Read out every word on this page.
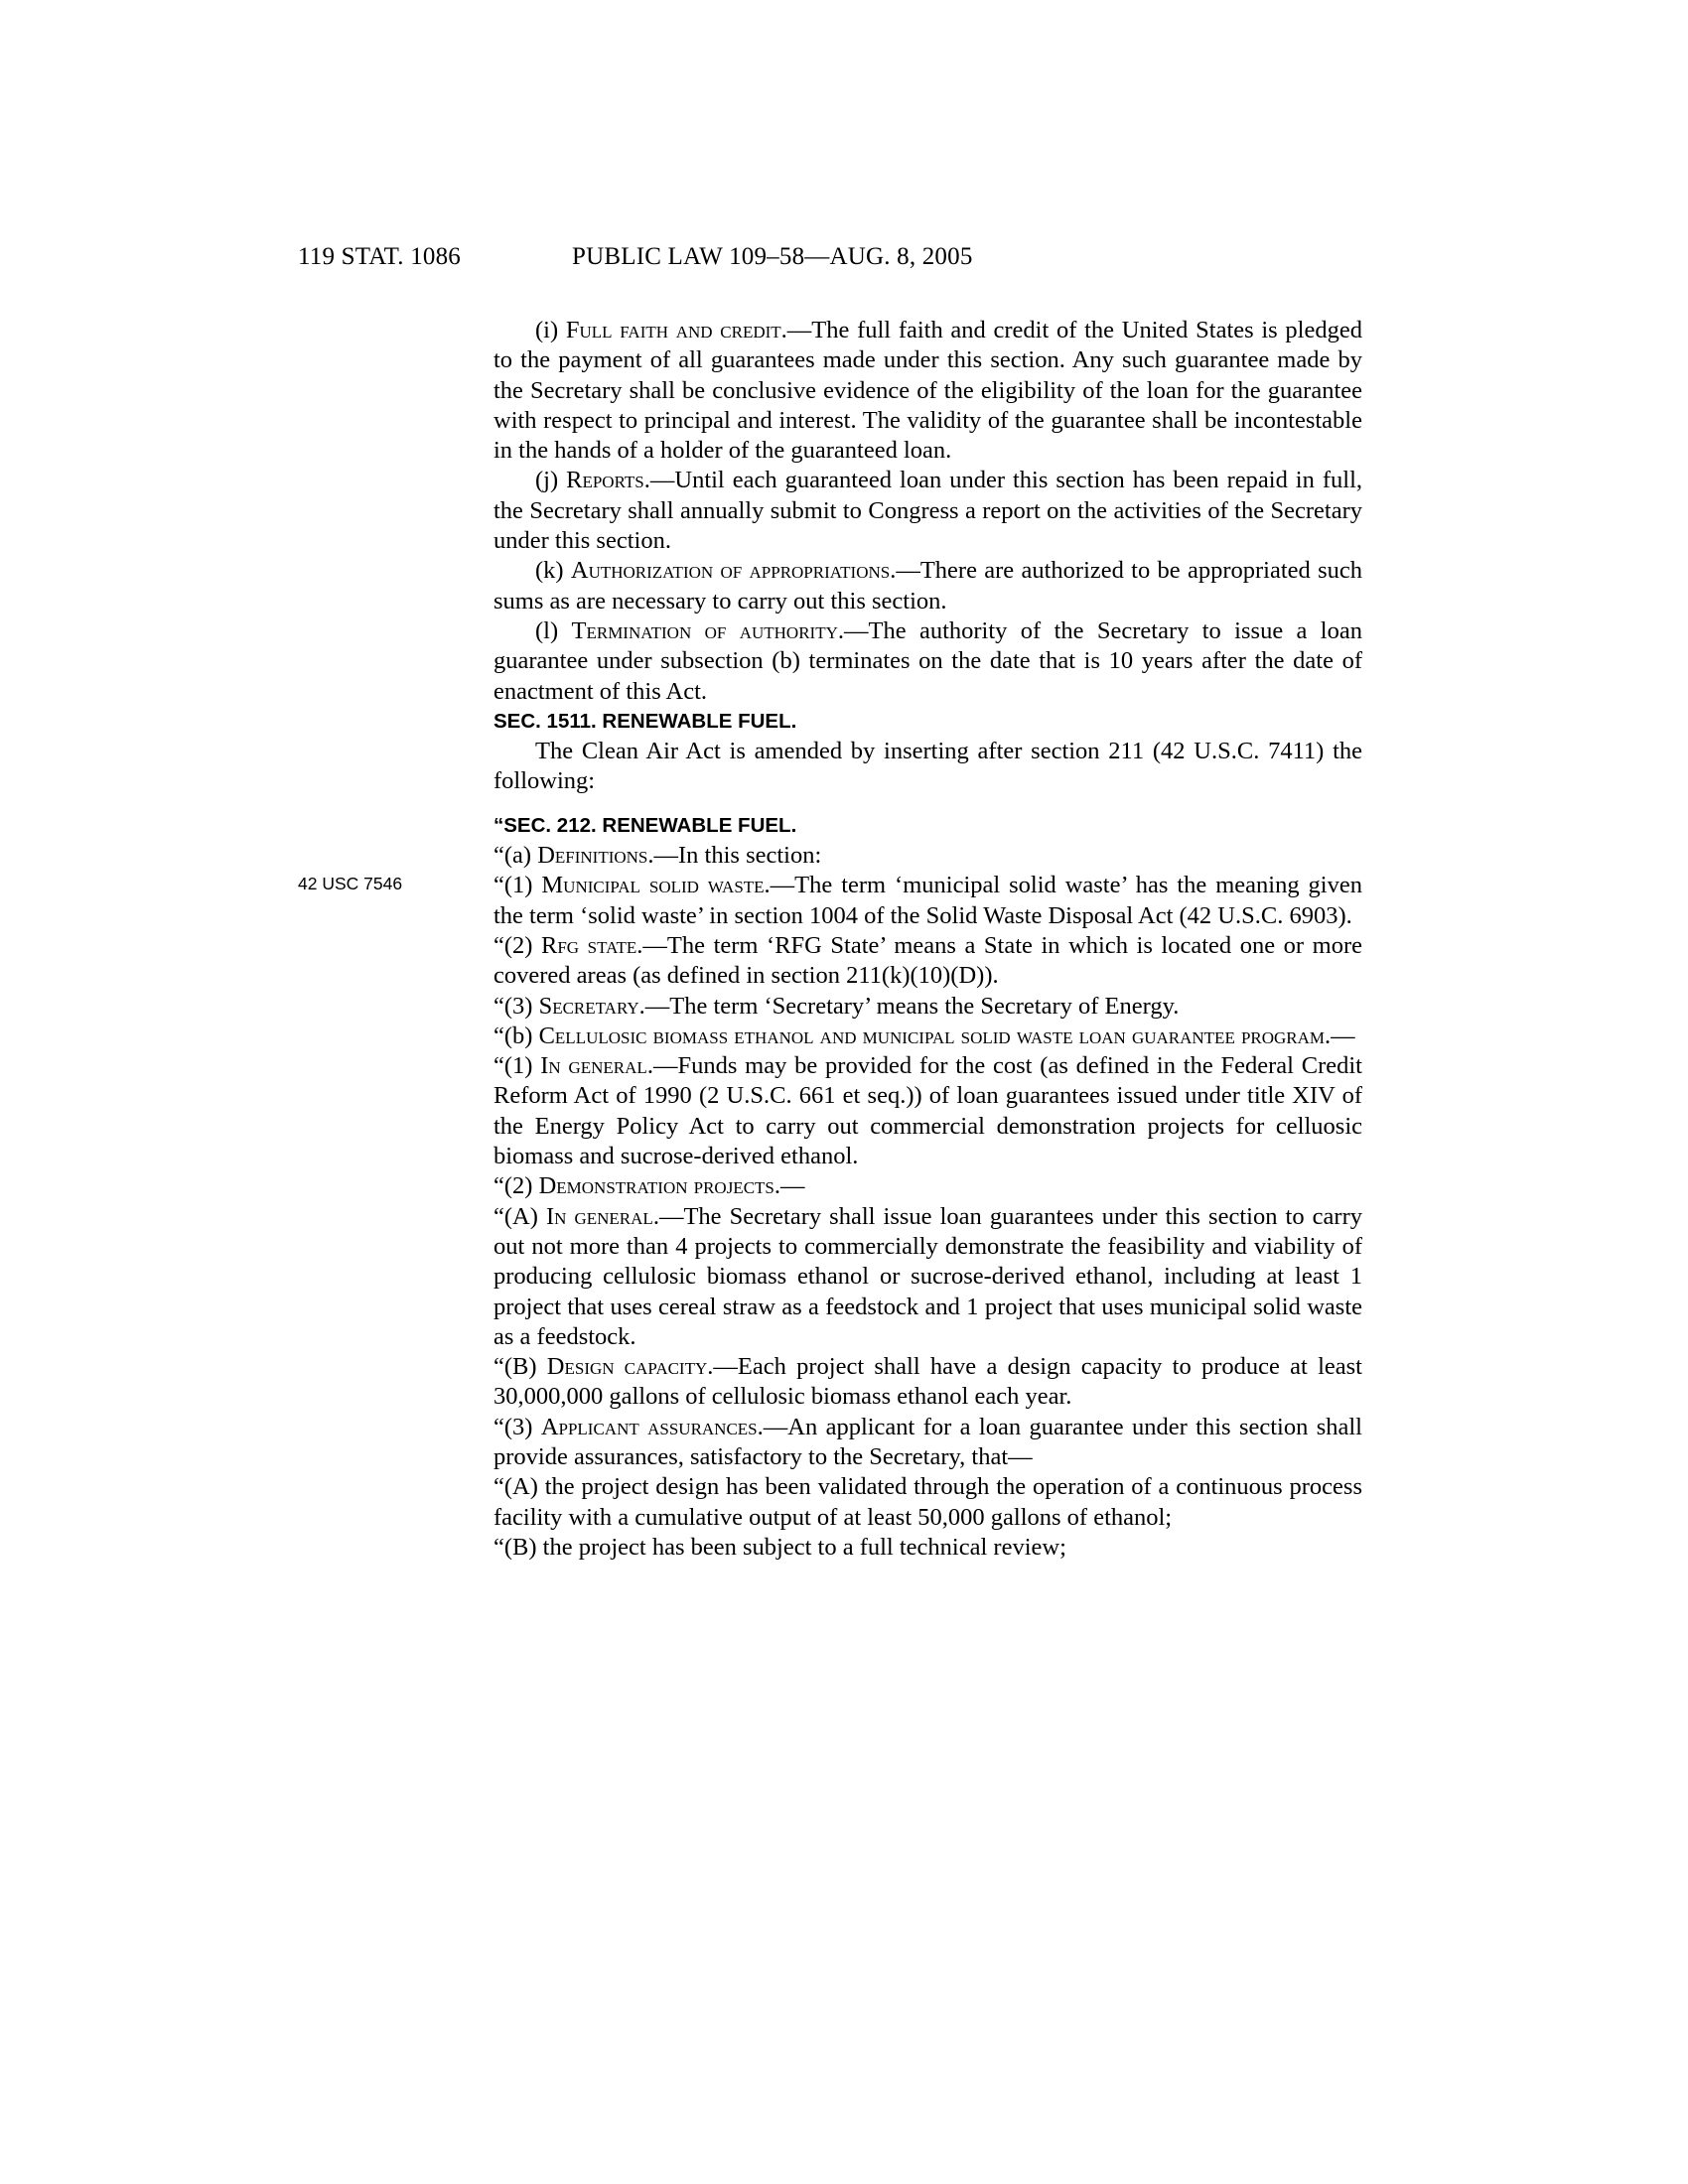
119 STAT. 1086	PUBLIC LAW 109–58—AUG. 8, 2005
42 USC 7546

(i) Full faith and credit.—The full faith and credit of the United States is pledged to the payment of all guarantees made under this section. Any such guarantee made by the Secretary shall be conclusive evidence of the eligibility of the loan for the guarantee with respect to principal and interest. The validity of the guarantee shall be incontestable in the hands of a holder of the guaranteed loan.

(j) Reports.—Until each guaranteed loan under this section has been repaid in full, the Secretary shall annually submit to Congress a report on the activities of the Secretary under this section.

(k) Authorization of appropriations.—There are authorized to be appropriated such sums as are necessary to carry out this section.

(l) Termination of authority.—The authority of the Secretary to issue a loan guarantee under subsection (b) terminates on the date that is 10 years after the date of enactment of this Act.

SEC. 1511. RENEWABLE FUEL.

The Clean Air Act is amended by inserting after section 211 (42 U.S.C. 7411) the following:

“SEC. 212. RENEWABLE FUEL.

“(a) Definitions.—In this section:

“(1) Municipal solid waste.—The term ‘municipal solid waste’ has the meaning given the term ‘solid waste’ in section 1004 of the Solid Waste Disposal Act (42 U.S.C. 6903).

“(2) Rfg state.—The term ‘RFG State’ means a State in which is located one or more covered areas (as defined in section 211(k)(10)(D)).

“(3) Secretary.—The term ‘Secretary’ means the Secretary of Energy.

“(b) Cellulosic biomass ethanol and municipal solid waste loan guarantee program.—

“(1) In general.—Funds may be provided for the cost (as defined in the Federal Credit Reform Act of 1990 (2 U.S.C. 661 et seq.)) of loan guarantees issued under title XIV of the Energy Policy Act to carry out commercial demonstration projects for celluosic biomass and sucrose-derived ethanol.

“(2) Demonstration projects.—

“(A) In general.—The Secretary shall issue loan guarantees under this section to carry out not more than 4 projects to commercially demonstrate the feasibility and viability of producing cellulosic biomass ethanol or sucrose-derived ethanol, including at least 1 project that uses cereal straw as a feedstock and 1 project that uses municipal solid waste as a feedstock.

“(B) Design capacity.—Each project shall have a design capacity to produce at least 30,000,000 gallons of cellulosic biomass ethanol each year.

“(3) Applicant assurances.—An applicant for a loan guarantee under this section shall provide assurances, satisfactory to the Secretary, that—

“(A) the project design has been validated through the operation of a continuous process facility with a cumulative output of at least 50,000 gallons of ethanol;

“(B) the project has been subject to a full technical review;
